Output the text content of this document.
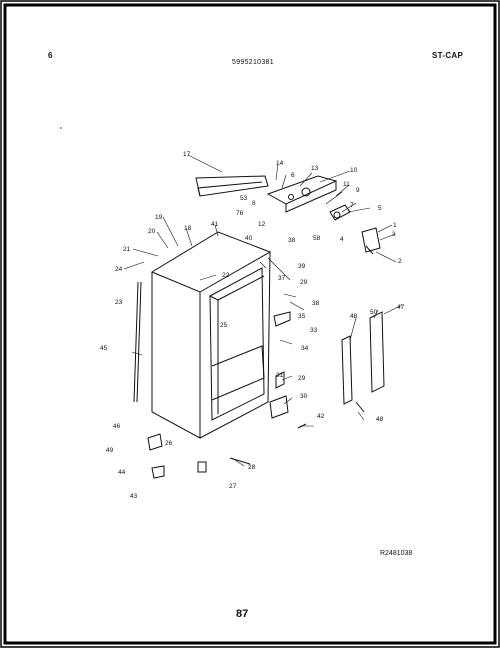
6
5995210381
ST-CAP
17
14
6
13	10
11
9
53
8
76
12
7	5
1
3
4
2
58
19
41
18
20
21
40	38
24
22
39
37
29
38
35
33
34
25
23
45
48
50
47
31 29
30
46
42	48
49
28
44
43
26
27
R2481038
87
